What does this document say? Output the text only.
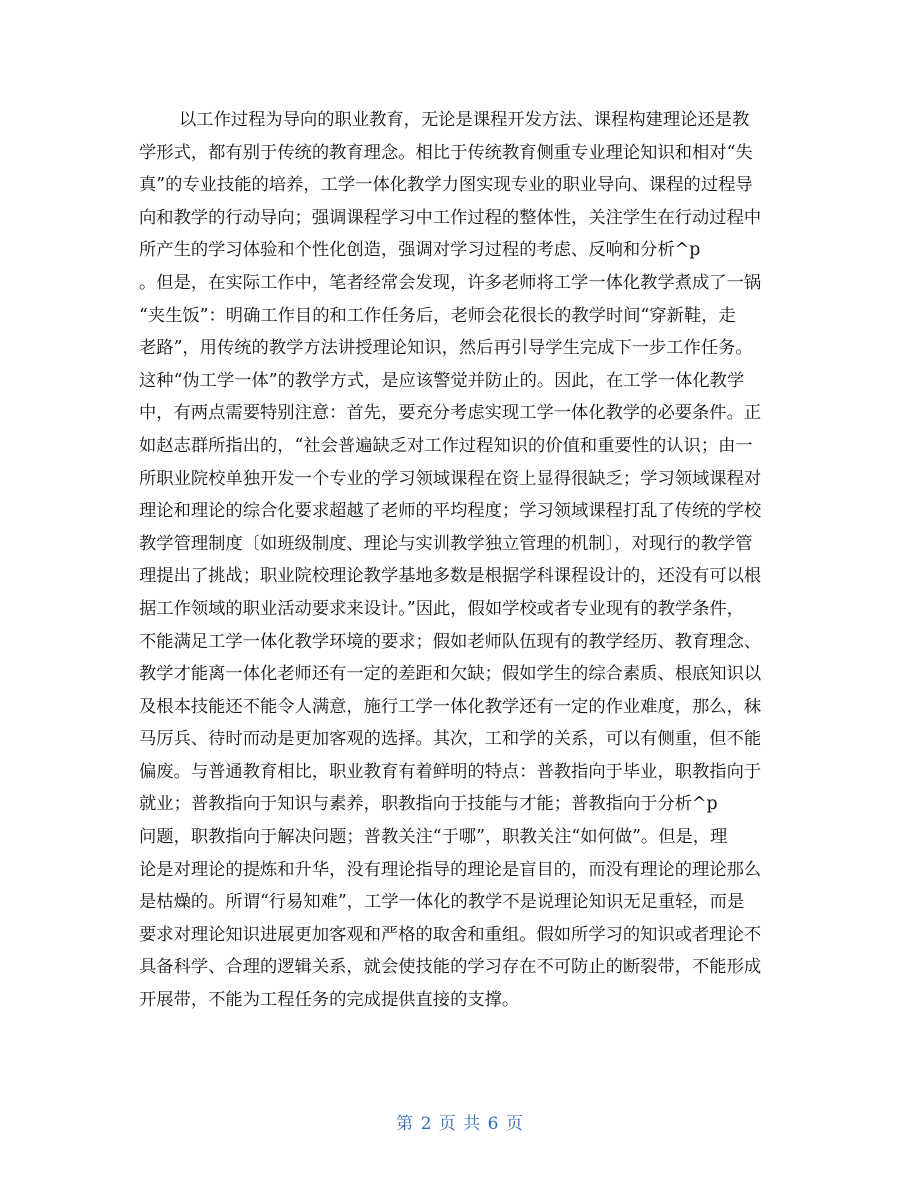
以工作过程为导向的职业教育，无论是课程开发方法、课程构建理论还是教
学形式，都有别于传统的教育理念。相比于传统教育侧重专业理论知识和相对“失
真”的专业技能的培养，工学一体化教学力图实现专业的职业导向、课程的过程导
向和教学的行动导向；强调课程学习中工作过程的整体性，关注学生在行动过程中
所产生的学习体验和个性化创造，强调对学习过程的考虑、反响和分析^p
。但是，在实际工作中，笔者经常会发现，许多老师将工学一体化教学煮成了一锅
“夹生饭”：明确工作目的和工作任务后，老师会花很长的教学时间“穿新鞋，走
老路”，用传统的教学方法讲授理论知识，然后再引导学生完成下一步工作任务。
这种“伪工学一体”的教学方式，是应该警觉并防止的。因此，在工学一体化教学
中，有两点需要特别注意：首先，要充分考虑实现工学一体化教学的必要条件。正
如赵志群所指出的，“社会普遍缺乏对工作过程知识的价值和重要性的认识；由一
所职业院校单独开发一个专业的学习领域课程在资上显得很缺乏；学习领域课程对
理论和理论的综合化要求超越了老师的平均程度；学习领域课程打乱了传统的学校
教学管理制度〔如班级制度、理论与实训教学独立管理的机制〕，对现行的教学管
理提出了挑战；职业院校理论教学基地多数是根据学科课程设计的，还没有可以根
据工作领域的职业活动要求来设计。”因此，假如学校或者专业现有的教学条件，
不能满足工学一体化教学环境的要求；假如老师队伍现有的教学经历、教育理念、
教学才能离一体化老师还有一定的差距和欠缺；假如学生的综合素质、根底知识以
及根本技能还不能令人满意，施行工学一体化教学还有一定的作业难度，那么，秣
马厉兵、待时而动是更加客观的选择。其次，工和学的关系，可以有侧重，但不能
偏废。与普通教育相比，职业教育有着鲜明的特点：普教指向于毕业，职教指向于
就业；普教指向于知识与素养，职教指向于技能与才能；普教指向于分析^p
问题，职教指向于解决问题；普教关注“于哪”，职教关注“如何做”。但是，理
论是对理论的提炼和升华，没有理论指导的理论是盲目的，而没有理论的理论那么
是枯燥的。所谓“行易知难”，工学一体化的教学不是说理论知识无足重轻，而是
要求对理论知识进展更加客观和严格的取舍和重组。假如所学习的知识或者理论不
具备科学、合理的逻辑关系，就会使技能的学习存在不可防止的断裂带，不能形成
开展带，不能为工程任务的完成提供直接的支撑。
第 2 页 共 6 页
